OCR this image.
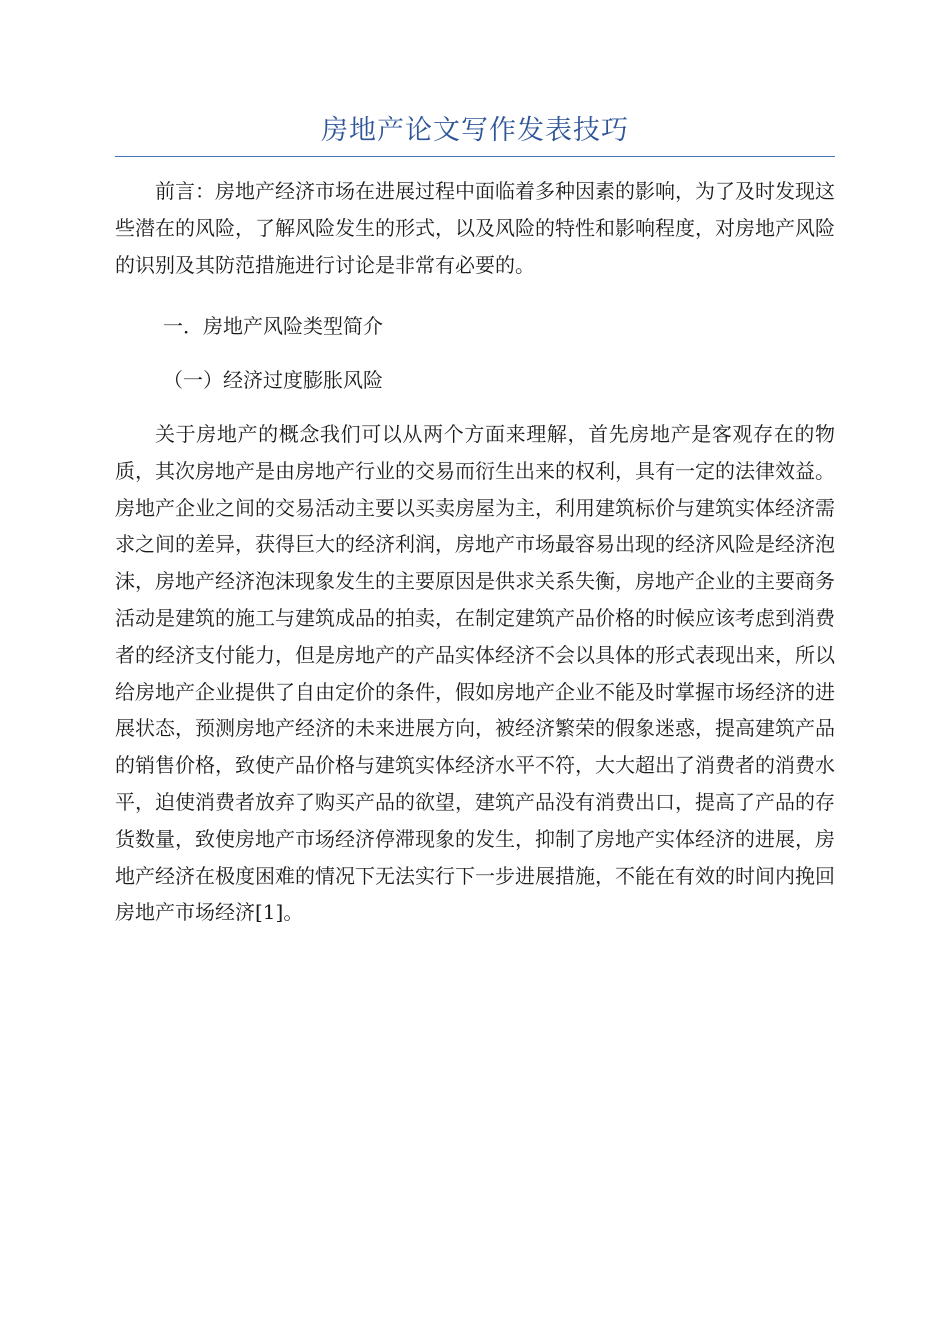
房地产论文写作发表技巧

前言：房地产经济市场在进展过程中面临着多种因素的影响，为了及时发现这些潜在的风险，了解风险发生的形式，以及风险的特性和影响程度，对房地产风险的识别及其防范措施进行讨论是非常有必要的。

一．房地产风险类型简介

（一）经济过度膨胀风险

关于房地产的概念我们可以从两个方面来理解，首先房地产是客观存在的物质，其次房地产是由房地产行业的交易而衍生出来的权利，具有一定的法律效益。房地产企业之间的交易活动主要以买卖房屋为主，利用建筑标价与建筑实体经济需求之间的差异，获得巨大的经济利润，房地产市场最容易出现的经济风险是经济泡沫，房地产经济泡沫现象发生的主要原因是供求关系失衡，房地产企业的主要商务活动是建筑的施工与建筑成品的拍卖，在制定建筑产品价格的时候应该考虑到消费者的经济支付能力，但是房地产的产品实体经济不会以具体的形式表现出来，所以给房地产企业提供了自由定价的条件，假如房地产企业不能及时掌握市场经济的进展状态，预测房地产经济的未来进展方向，被经济繁荣的假象迷惑，提高建筑产品的销售价格，致使产品价格与建筑实体经济水平不符，大大超出了消费者的消费水平，迫使消费者放弃了购买产品的欲望，建筑产品没有消费出口，提高了产品的存货数量，致使房地产市场经济停滞现象的发生，抑制了房地产实体经济的进展，房地产经济在极度困难的情况下无法实行下一步进展措施，不能在有效的时间内挽回房地产市场经济[1]。
